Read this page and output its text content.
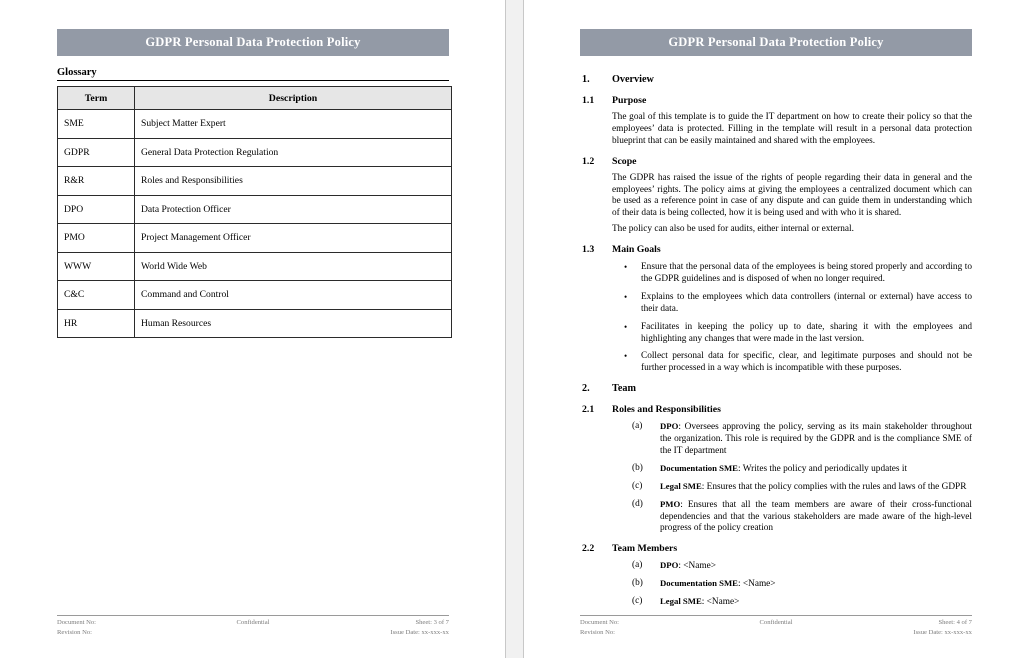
GDPR Personal Data Protection Policy
Glossary
Term	Description
SME	Subject Matter Expert
GDPR	General Data Protection Regulation
R&R	Roles and Responsibilities
DPO	Data Protection Officer
PMO	Project Management Officer
WWW	World Wide Web
C&C	Command and Control
HR	Human Resources
Document No:	Confidential	Sheet: 3 of 7
Revision No:	Issue Date: xx-xxx-xx
GDPR Personal Data Protection Policy
1. Overview
1.1 Purpose
The goal of this template is to guide the IT department on how to create their policy so that the employees’ data is protected. Filling in the template will result in a personal data protection blueprint that can be easily maintained and shared with the employees.
1.2 Scope
The GDPR has raised the issue of the rights of people regarding their data in general and the employees’ rights. The policy aims at giving the employees a centralized document which can be used as a reference point in case of any dispute and can guide them in understanding which of their data is being collected, how it is being used and with who it is shared.
The policy can also be used for audits, either internal or external.
1.3 Main Goals
• Ensure that the personal data of the employees is being stored properly and according to the GDPR guidelines and is disposed of when no longer required.
• Explains to the employees which data controllers (internal or external) have access to their data.
• Facilitates in keeping the policy up to date, sharing it with the employees and highlighting any changes that were made in the last version.
• Collect personal data for specific, clear, and legitimate purposes and should not be further processed in a way which is incompatible with these purposes.
2. Team
2.1 Roles and Responsibilities
(a) DPO: Oversees approving the policy, serving as its main stakeholder throughout the organization. This role is required by the GDPR and is the compliance SME of the IT department
(b) Documentation SME: Writes the policy and periodically updates it
(c) Legal SME: Ensures that the policy complies with the rules and laws of the GDPR
(d) PMO: Ensures that all the team members are aware of their cross-functional dependencies and that the various stakeholders are made aware of the high-level progress of the policy creation
2.2 Team Members
(a) DPO: <Name>
(b) Documentation SME: <Name>
(c) Legal SME: <Name>
Document No:	Confidential	Sheet: 4 of 7
Revision No:	Issue Date: xx-xxx-xx
